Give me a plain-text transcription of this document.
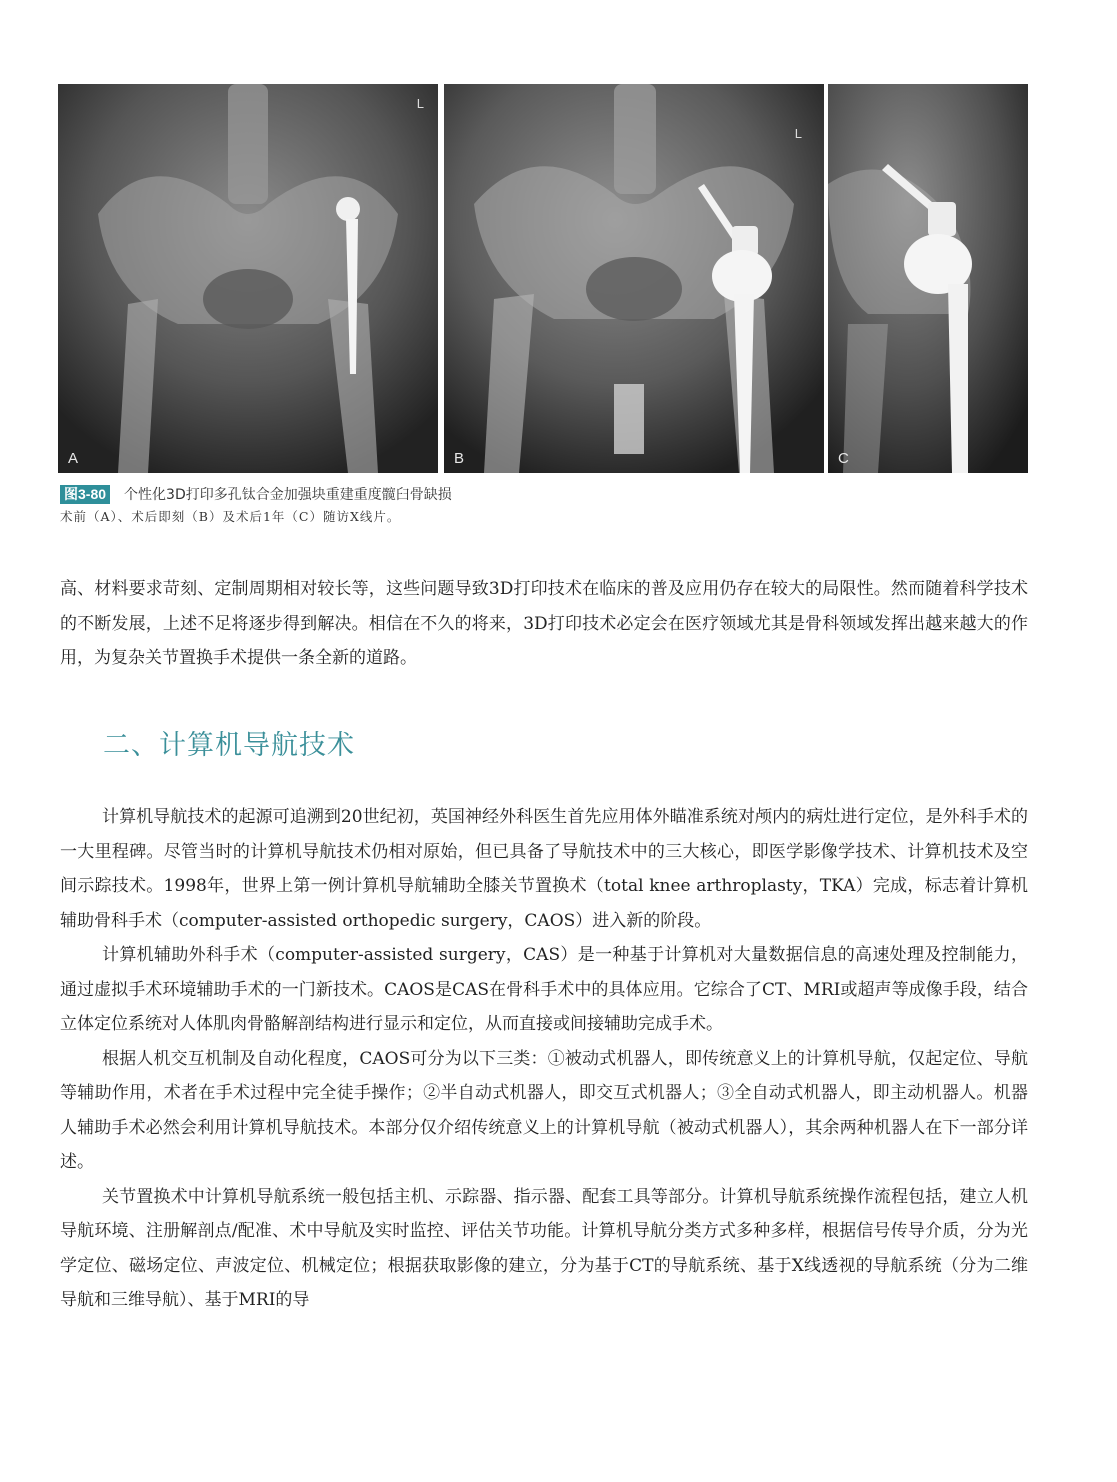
L
A
L
B	C
图3-80 个性化3D打印多孔钛合金加强块重建重度髋臼骨缺损
术前（A）、术后即刻（B）及术后1年（C）随访X线片。

高、材料要求苛刻、定制周期相对较长等，这些问题导致3D打印技术在临床的普及应用仍存在较大的局限性。然而随着科学技术的不断发展，上述不足将逐步得到解决。相信在不久的将来，3D打印技术必定会在医疗领域尤其是骨科领域发挥出越来越大的作用，为复杂关节置换手术提供一条全新的道路。

二、计算机导航技术

计算机导航技术的起源可追溯到20世纪初，英国神经外科医生首先应用体外瞄准系统对颅内的病灶进行定位，是外科手术的一大里程碑。尽管当时的计算机导航技术仍相对原始，但已具备了导航技术中的三大核心，即医学影像学技术、计算机技术及空间示踪技术。1998年，世界上第一例计算机导航辅助全膝关节置换术（total knee arthroplasty，TKA）完成，标志着计算机辅助骨科手术（computer-assisted orthopedic surgery，CAOS）进入新的阶段。

计算机辅助外科手术（computer-assisted surgery，CAS）是一种基于计算机对大量数据信息的高速处理及控制能力，通过虚拟手术环境辅助手术的一门新技术。CAOS是CAS在骨科手术中的具体应用。它综合了CT、MRI或超声等成像手段，结合立体定位系统对人体肌肉骨骼解剖结构进行显示和定位，从而直接或间接辅助完成手术。

根据人机交互机制及自动化程度，CAOS可分为以下三类：①被动式机器人，即传统意义上的计算机导航，仅起定位、导航等辅助作用，术者在手术过程中完全徒手操作；②半自动式机器人，即交互式机器人；③全自动式机器人，即主动机器人。机器人辅助手术必然会利用计算机导航技术。本部分仅介绍传统意义上的计算机导航（被动式机器人），其余两种机器人在下一部分详述。

关节置换术中计算机导航系统一般包括主机、示踪器、指示器、配套工具等部分。计算机导航系统操作流程包括，建立人机导航环境、注册解剖点/配准、术中导航及实时监控、评估关节功能。计算机导航分类方式多种多样，根据信号传导介质，分为光学定位、磁场定位、声波定位、机械定位；根据获取影像的建立，分为基于CT的导航系统、基于X线透视的导航系统（分为二维导航和三维导航）、基于MRI的导
